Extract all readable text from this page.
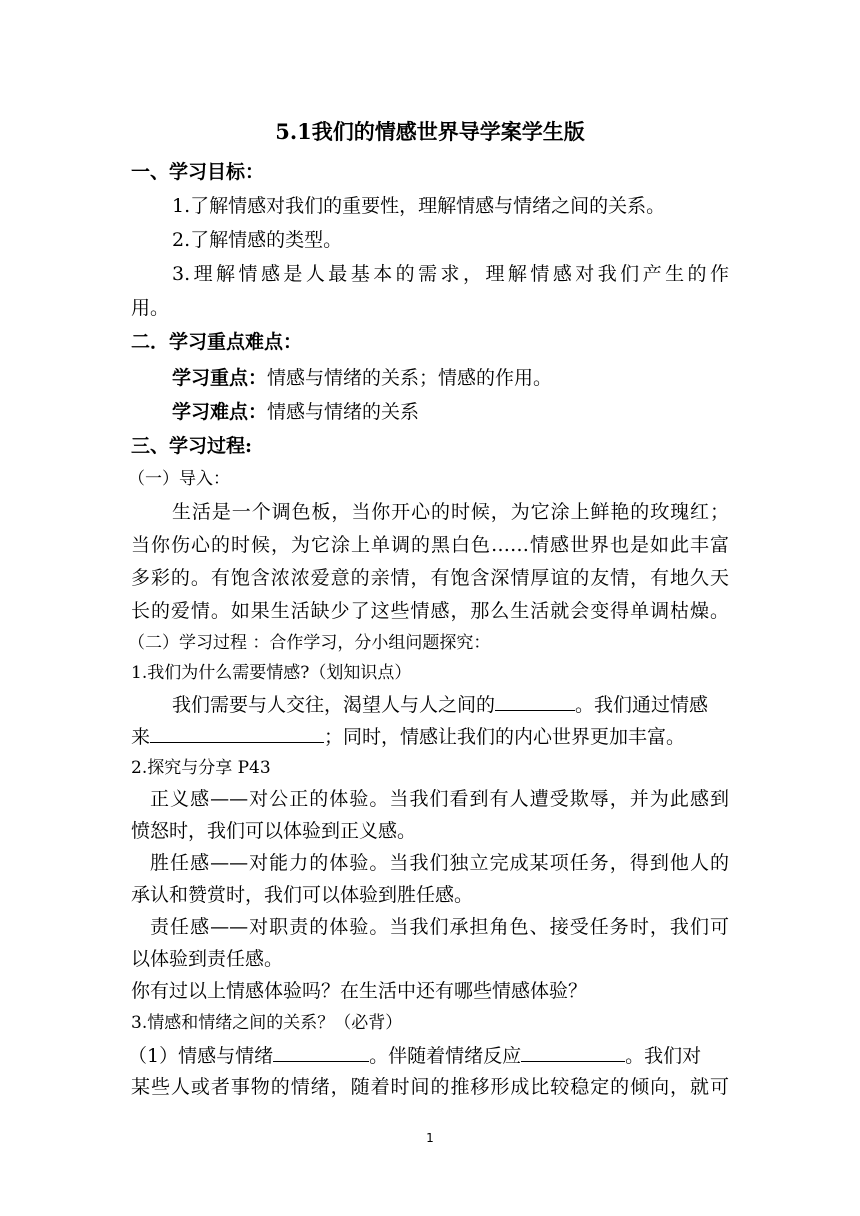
5.1我们的情感世界导学案学生版
一、学习目标：
1.了解情感对我们的重要性，理解情感与情绪之间的关系。
2.了解情感的类型。
3.理解情感是人最基本的需求，理解情感对我们产生的作
用。
二．学习重点难点：
学习重点：情感与情绪的关系；情感的作用。
学习难点：情感与情绪的关系
三、学习过程:
（一）导入：
生活是一个调色板，当你开心的时候，为它涂上鲜艳的玫瑰红；
当你伤心的时候，为它涂上单调的黑白色……情感世界也是如此丰富
多彩的。有饱含浓浓爱意的亲情，有饱含深情厚谊的友情，有地久天
长的爱情。如果生活缺少了这些情感，那么生活就会变得单调枯燥。
（二）学习过程 ：合作学习，分小组问题探究：
1.我们为什么需要情感?（划知识点）
我们需要与人交往，渴望人与人之间的	。我们通过情感
来	；同时，情感让我们的内心世界更加丰富。
2.探究与分享 P43
正义感——对公正的体验。当我们看到有人遭受欺辱，并为此感到
愤怒时，我们可以体验到正义感。
胜任感——对能力的体验。当我们独立完成某项任务，得到他人的
承认和赞赏时，我们可以体验到胜任感。
责任感——对职责的体验。当我们承担角色、接受任务时，我们可
以体验到责任感。
你有过以上情感体验吗？在生活中还有哪些情感体验？
3.情感和情绪之间的关系？（必背）
（1）情感与情绪	。伴随着情绪反应	。我们对
某些人或者事物的情绪，随着时间的推移形成比较稳定的倾向，就可
1
